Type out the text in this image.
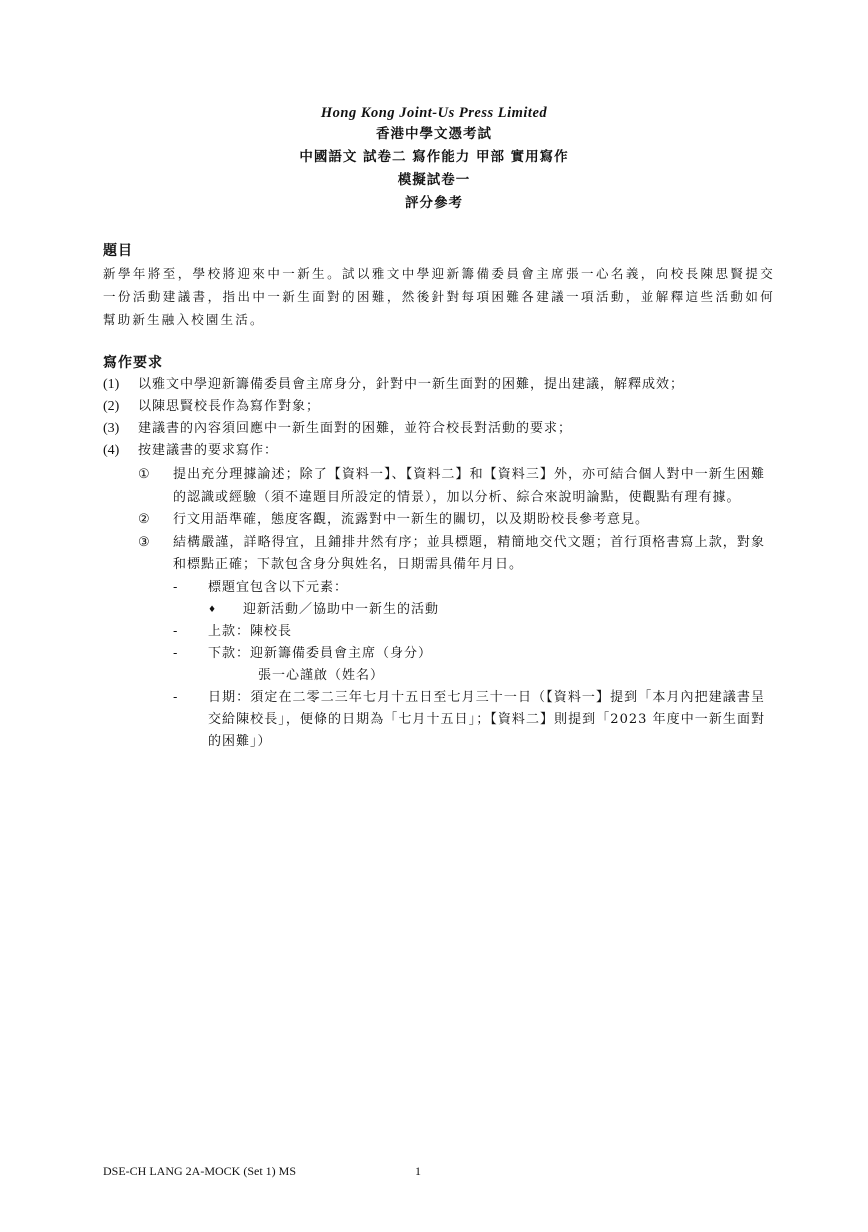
Hong Kong Joint-Us Press Limited
香港中學文憑考試
中國語文 試卷二 寫作能力 甲部 實用寫作
模擬試卷一
評分參考
題目
新學年將至，學校將迎來中一新生。試以雅文中學迎新籌備委員會主席張一心名義，向校長陳思賢提交一份活動建議書，指出中一新生面對的困難，然後針對每項困難各建議一項活動，並解釋這些活動如何幫助新生融入校園生活。
寫作要求
(1) 以雅文中學迎新籌備委員會主席身分，針對中一新生面對的困難，提出建議，解釋成效；
(2) 以陳思賢校長作為寫作對象；
(3) 建議書的內容須回應中一新生面對的困難，並符合校長對活動的要求；
(4) 按建議書的要求寫作：
① 提出充分理據論述；除了【資料一】、【資料二】和【資料三】外，亦可結合個人對中一新生困難的認識或經驗（須不違題目所設定的情景），加以分析、綜合來說明論點，使觀點有理有據。
② 行文用語準確，態度客觀，流露對中一新生的關切，以及期盼校長參考意見。
③ 結構嚴謹，詳略得宜，且鋪排井然有序；並具標題，精簡地交代文題；首行頂格書寫上款，對象和標點正確；下款包含身分與姓名，日期需具備年月日。
- 標題宜包含以下元素：
♦ 迎新活動／協助中一新生的活動
- 上款：陳校長
- 下款：迎新籌備委員會主席（身分）
張一心謹啟（姓名）
- 日期：須定在二零二三年七月十五日至七月三十一日（【資料一】提到「本月內把建議書呈交給陳校長」，便條的日期為「七月十五日」；【資料二】則提到「2023 年度中一新生面對的困難」）
DSE-CH LANG 2A-MOCK (Set 1) MS	1
